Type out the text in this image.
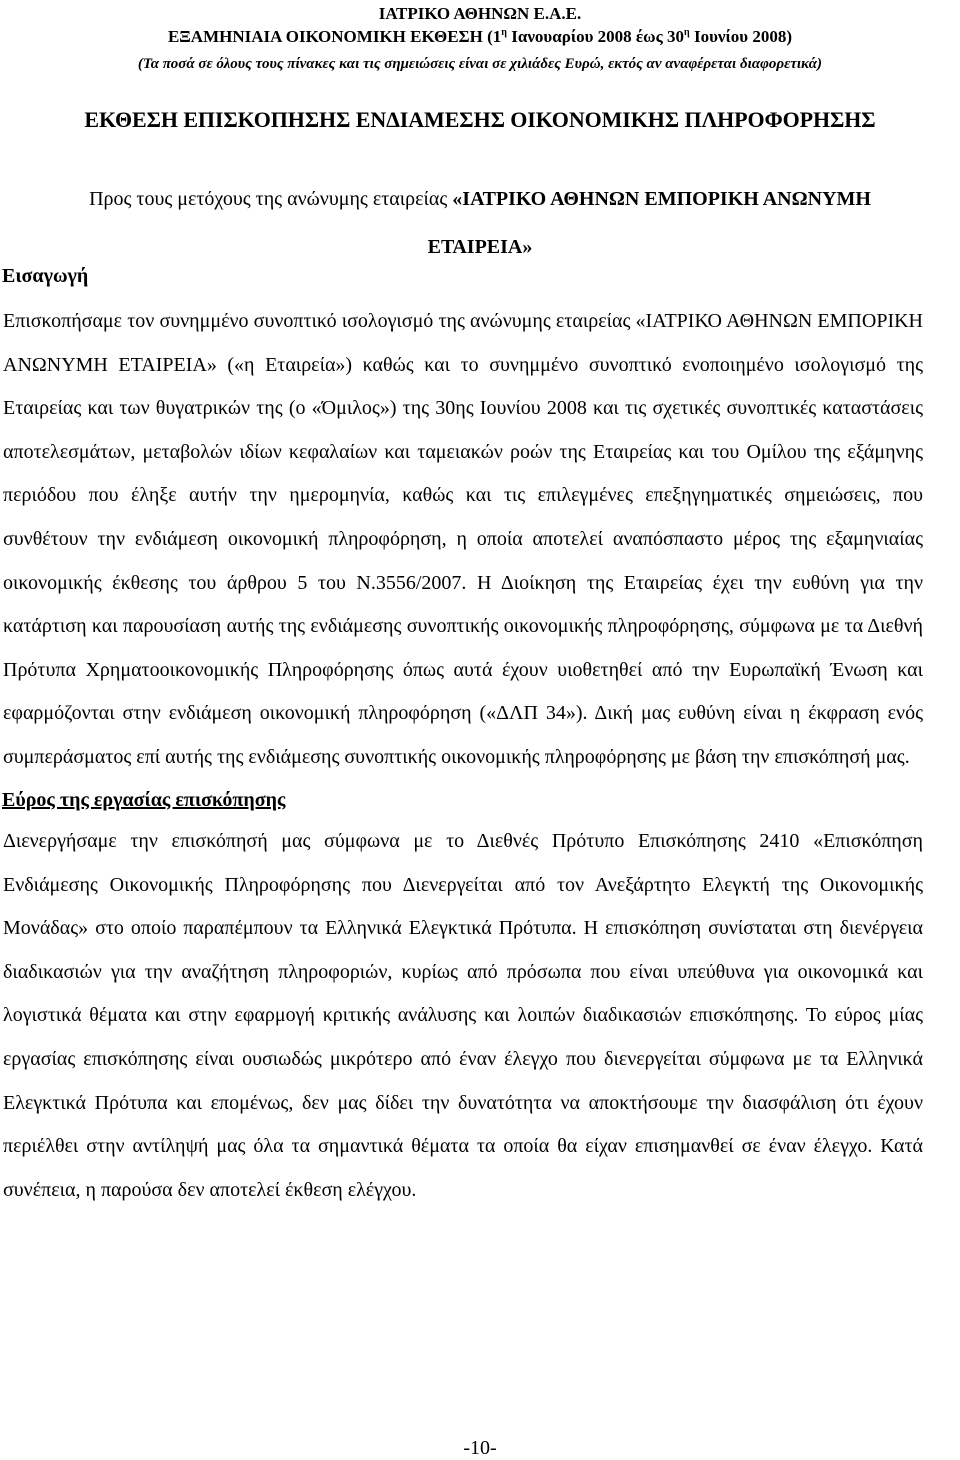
ΙΑΤΡΙΚΟ ΑΘΗΝΩΝ Ε.Α.Ε.
ΕΞΑΜΗΝΙΑΙΑ ΟΙΚΟΝΟΜΙΚΗ ΕΚΘΕΣΗ ($1^\eta$ Ιανουαρίου 2008 έως $30^\eta$ Ιουνίου 2008)
(Τα ποσά σε όλους τους πίνακες και τις σημειώσεις είναι σε χιλιάδες Ευρώ, εκτός αν αναφέρεται διαφορετικά)
ΕΚΘΕΣΗ ΕΠΙΣΚΟΠΗΣΗΣ ΕΝΔΙΑΜΕΣΗΣ ΟΙΚΟΝΟΜΙΚΗΣ ΠΛΗΡΟΦΟΡΗΣΗΣ
Προς τους μετόχους της ανώνυμης εταιρείας «ΙΑΤΡΙΚΟ ΑΘΗΝΩΝ ΕΜΠΟΡΙΚΗ ΑΝΩΝΥΜΗ ΕΤΑΙΡΕΙΑ»
Εισαγωγή
Επισκοπήσαμε τον συνημμένο συνοπτικό ισολογισμό της ανώνυμης εταιρείας «ΙΑΤΡΙΚΟ ΑΘΗΝΩΝ ΕΜΠΟΡΙΚΗ ΑΝΩΝΥΜΗ ΕΤΑΙΡΕΙΑ» («η Εταιρεία») καθώς και το συνημμένο συνοπτικό ενοποιημένο ισολογισμό της Εταιρείας και των θυγατρικών της (ο «Όμιλος») της 30ης Ιουνίου 2008 και τις σχετικές συνοπτικές καταστάσεις αποτελεσμάτων, μεταβολών ιδίων κεφαλαίων και ταμειακών ροών της Εταιρείας και του Ομίλου της εξάμηνης περιόδου που έληξε αυτήν την ημερομηνία, καθώς και τις επιλεγμένες επεξηγηματικές σημειώσεις, που συνθέτουν την ενδιάμεση οικονομική πληροφόρηση, η οποία αποτελεί αναπόσπαστο μέρος της εξαμηνιαίας οικονομικής έκθεσης του άρθρου 5 του Ν.3556/2007. Η Διοίκηση της Εταιρείας έχει την ευθύνη για την κατάρτιση και παρουσίαση αυτής της ενδιάμεσης συνοπτικής οικονομικής πληροφόρησης, σύμφωνα με τα Διεθνή Πρότυπα Χρηματοοικονομικής Πληροφόρησης όπως αυτά έχουν υιοθετηθεί από την Ευρωπαϊκή Ένωση και εφαρμόζονται στην ενδιάμεση οικονομική πληροφόρηση («ΔΛΠ 34»). Δική μας ευθύνη είναι η έκφραση ενός συμπεράσματος επί αυτής της ενδιάμεσης συνοπτικής οικονομικής πληροφόρησης με βάση την επισκόπησή μας.
Εύρος της εργασίας επισκόπησης
Διενεργήσαμε την επισκόπησή μας σύμφωνα με το Διεθνές Πρότυπο Επισκόπησης 2410 «Επισκόπηση Ενδιάμεσης Οικονομικής Πληροφόρησης που Διενεργείται από τον Ανεξάρτητο Ελεγκτή της Οικονομικής Μονάδας» στο οποίο παραπέμπουν τα Ελληνικά Ελεγκτικά Πρότυπα. Η επισκόπηση συνίσταται στη διενέργεια διαδικασιών για την αναζήτηση πληροφοριών, κυρίως από πρόσωπα που είναι υπεύθυνα για οικονομικά και λογιστικά θέματα και στην εφαρμογή κριτικής ανάλυσης και λοιπών διαδικασιών επισκόπησης. Το εύρος μίας εργασίας επισκόπησης είναι ουσιωδώς μικρότερο από έναν έλεγχο που διενεργείται σύμφωνα με τα Ελληνικά Ελεγκτικά Πρότυπα και επομένως, δεν μας δίδει την δυνατότητα να αποκτήσουμε την διασφάλιση ότι έχουν περιέλθει στην αντίληψή μας όλα τα σημαντικά θέματα τα οποία θα είχαν επισημανθεί σε έναν έλεγχο. Κατά συνέπεια, η παρούσα δεν αποτελεί έκθεση ελέγχου.
-10-
